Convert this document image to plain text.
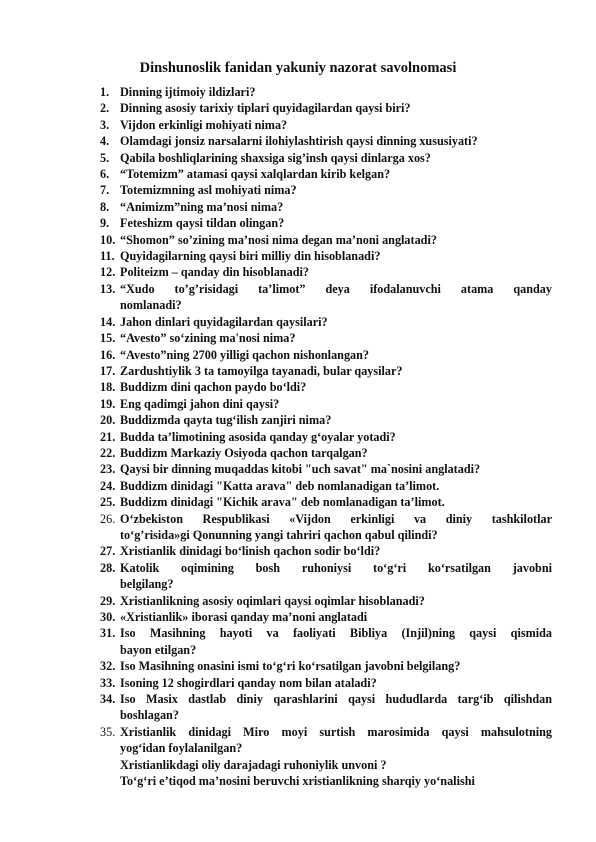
Dinshunoslik fanidan yakuniy nazorat savolnomasi
1. Dinning ijtimoiy ildizlari?
2. Dinning asosiy tarixiy tiplari quyidagilardan qaysi biri?
3. Vijdon erkinligi mohiyati nima?
4. Olamdagi jonsiz narsalarni ilohiylashtirish qaysi dinning xususiyati?
5. Qabila boshliqlarining shaxsiga sig’insh qaysi dinlarga xos?
6. “Totemizm” atamasi qaysi xalqlardan kirib kelgan?
7. Totemizmning asl mohiyati nima?
8. “Animizm”ning ma’nosi nima?
9. Feteshizm qaysi tildan olingan?
10. “Shomon” so’zining ma’nosi nima degan ma’noni anglatadi?
11. Quyidagilarning qaysi biri milliy din hisoblanadi?
12. Politeizm – qanday din hisoblanadi?
13. “Xudo to’g’risidagi ta’limot” deya ifodalanuvchi atama qanday
nomlanadi?
14. Jahon dinlari quyidagilardan qaysilari?
15. “Avesto” so‘zining ma'nosi nima?
16. “Avesto”ning 2700 yilligi qachon nishonlangan?
17. Zardushtiylik 3 ta tamoyilga tayanadi, bular qaysilar?
18. Buddizm dini qachon paydo bo‘ldi?
19. Eng qadimgi jahon dini qaysi?
20. Buddizmda qayta tug‘ilish zanjiri nima?
21. Budda ta’limotining asosida qanday g‘oyalar yotadi?
22. Buddizm Markaziy Osiyoda qachon tarqalgan?
23. Qaysi bir dinning muqaddas kitobi "uch savat" ma`nosini anglatadi?
24. Buddizm dinidagi "Katta arava" deb nomlanadigan ta’limot.
25. Buddizm dinidagi "Kichik arava" deb nomlanadigan ta’limot.
26. O‘zbekiston Respublikasi «Vijdon erkinligi va diniy tashkilotlar
to‘g’risida»gi Qonunning yangi tahriri qachon qabul qilindi?
27. Xristianlik dinidagi bo‘linish qachon sodir bo‘ldi?
28. Katolik oqimining bosh ruhoniysi to‘g‘ri ko‘rsatilgan javobni
belgilang?
29. Xristianlikning asosiy oqimlari qaysi oqimlar hisoblanadi?
30. «Xristianlik» iborasi qanday ma’noni anglatadi
31. Iso Masihning hayoti va faoliyati Bibliya (Injil)ning qaysi qismida
bayon etilgan?
32. Iso Masihning onasini ismi to‘g‘ri ko‘rsatilgan javobni belgilang?
33. Isoning 12 shogirdlari qanday nom bilan ataladi?
34. Iso Masix dastlab diniy qarashlarini qaysi hududlarda targ‘ib qilishdan
boshlagan?
35. Xristianlik dinidagi Miro moyi surtish marosimida qaysi mahsulotning
yog‘idan foylalanilgan?
Xristianlikdagi oliy darajadagi ruhoniylik unvoni ?
To‘g‘ri e’tiqod ma’nosini beruvchi xristianlikning sharqiy yo‘nalishi
